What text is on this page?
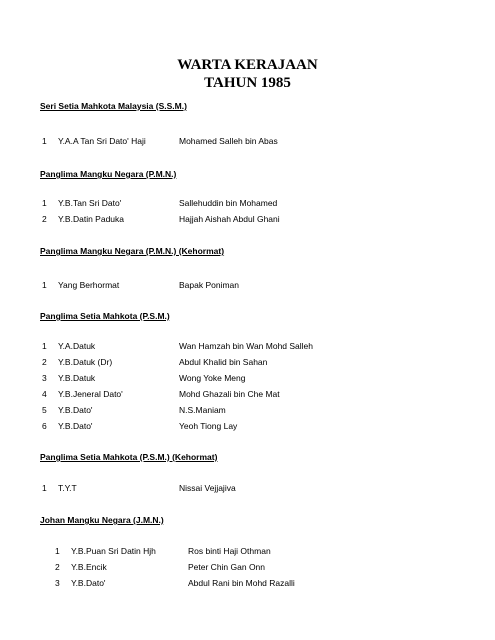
WARTA KERAJAAN
TAHUN 1985
Seri Setia Mahkota Malaysia (S.S.M.)
1 Y.A.A Tan Sri Dato' Haji	Mohamed Salleh bin Abas
Panglima Mangku Negara (P.M.N.)
1 Y.B.Tan Sri Dato'	Sallehuddin bin Mohamed
2 Y.B.Datin Paduka	Hajjah Aishah Abdul Ghani
Panglima Mangku Negara (P.M.N.) (Kehormat)
1 Yang Berhormat	Bapak Poniman
Panglima Setia Mahkota (P.S.M.)
1 Y.A.Datuk	Wan Hamzah bin Wan Mohd Salleh
2 Y.B.Datuk (Dr)	Abdul Khalid bin Sahan
3 Y.B.Datuk	Wong Yoke Meng
4 Y.B.Jeneral Dato'	Mohd Ghazali bin Che Mat
5 Y.B.Dato'	N.S.Maniam
6 Y.B.Dato'	Yeoh Tiong Lay
Panglima Setia Mahkota (P.S.M.) (Kehormat)
1 T.Y.T	Nissai Vejjajiva
Johan Mangku Negara (J.M.N.)
1 Y.B.Puan Sri Datin Hjh	Ros binti Haji Othman
2 Y.B.Encik	Peter Chin Gan Onn
3 Y.B.Dato'	Abdul Rani bin Mohd Razalli
